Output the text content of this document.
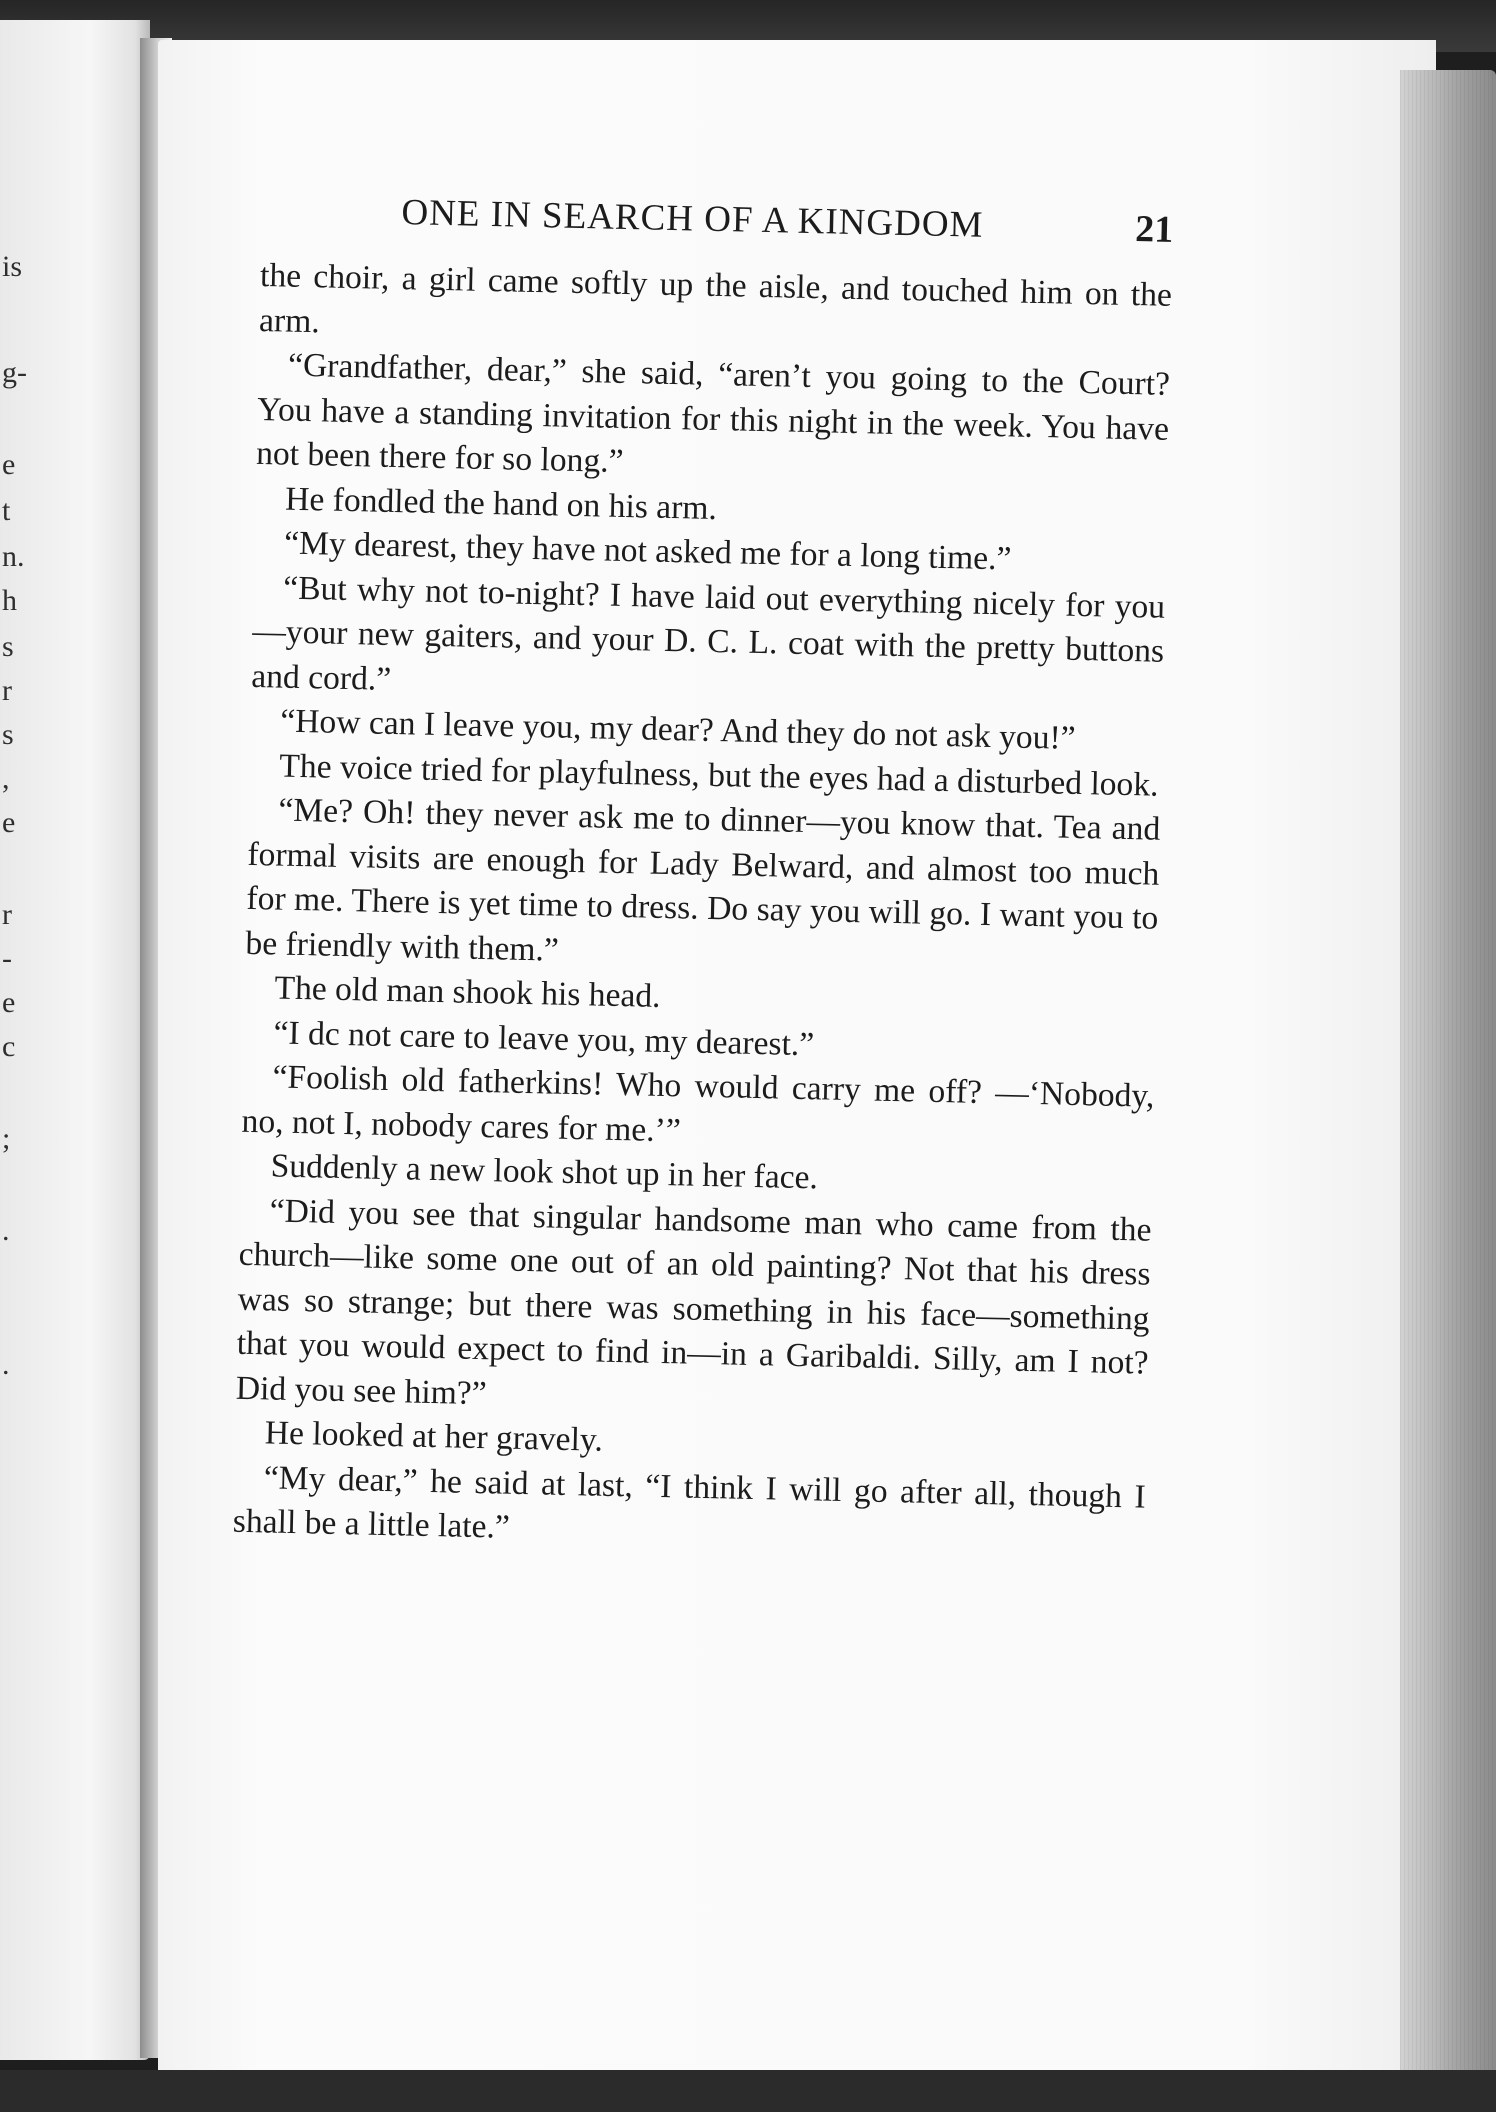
is
g-
e
t
n.
h
s
r
s
,
e
r
-
e
c
;
.
.
ONE IN SEARCH OF A KINGDOM	21

the choir, a girl came softly up the aisle, and touched him on the arm.

“Grandfather, dear,” she said, “aren’t you going to the Court? You have a standing invitation for this night in the week. You have not been there for so long.”

He fondled the hand on his arm.

“My dearest, they have not asked me for a long time.”

“But why not to-night? I have laid out everything nicely for you—your new gaiters, and your D. C. L. coat with the pretty buttons and cord.”

“How can I leave you, my dear? And they do not ask you!”

The voice tried for playfulness, but the eyes had a disturbed look.

“Me? Oh! they never ask me to dinner—you know that. Tea and formal visits are enough for Lady Belward, and almost too much for me. There is yet time to dress. Do say you will go. I want you to be friendly with them.”

The old man shook his head.

“I dc not care to leave you, my dearest.”

“Foolish old fatherkins! Who would carry me off? —‘Nobody, no, not I, nobody cares for me.’”

Suddenly a new look shot up in her face.

“Did you see that singular handsome man who came from the church—like some one out of an old painting? Not that his dress was so strange; but there was something in his face—something that you would expect to find in—in a Garibaldi. Silly, am I not? Did you see him?”

He looked at her gravely.

“My dear,” he said at last, “I think I will go after all, though I shall be a little late.”
